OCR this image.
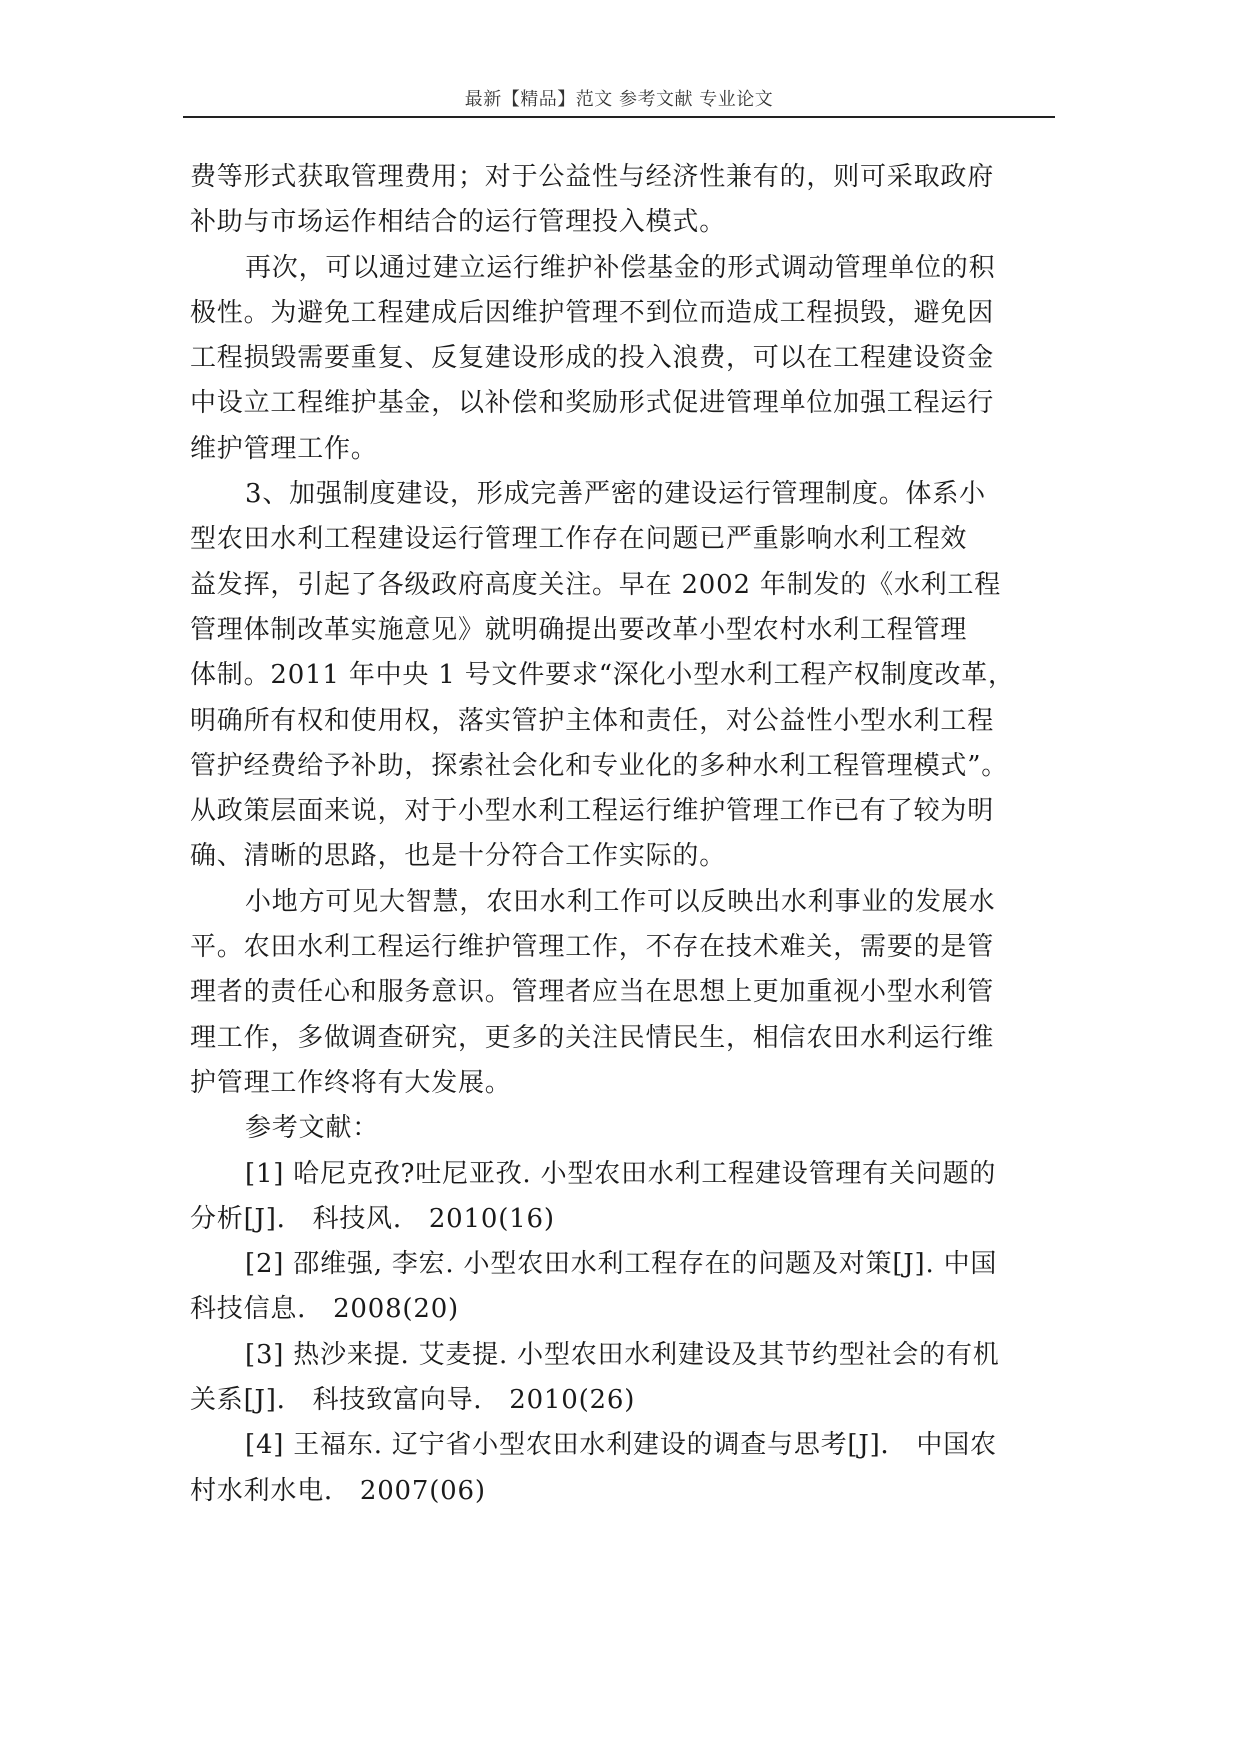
最新【精品】范文 参考文献 专业论文
费等形式获取管理费用；对于公益性与经济性兼有的，则可采取政府
补助与市场运作相结合的运行管理投入模式。
再次，可以通过建立运行维护补偿基金的形式调动管理单位的积
极性。为避免工程建成后因维护管理不到位而造成工程损毁，避免因
工程损毁需要重复、反复建设形成的投入浪费，可以在工程建设资金
中设立工程维护基金，以补偿和奖励形式促进管理单位加强工程运行
维护管理工作。
3、加强制度建设，形成完善严密的建设运行管理制度。体系小
型农田水利工程建设运行管理工作存在问题已严重影响水利工程效
益发挥，引起了各级政府高度关注。早在 2002 年制发的《水利工程
管理体制改革实施意见》就明确提出要改革小型农村水利工程管理
体制。2011 年中央 1 号文件要求“深化小型水利工程产权制度改革，
明确所有权和使用权，落实管护主体和责任，对公益性小型水利工程
管护经费给予补助，探索社会化和专业化的多种水利工程管理模式”。
从政策层面来说，对于小型水利工程运行维护管理工作已有了较为明
确、清晰的思路，也是十分符合工作实际的。
小地方可见大智慧，农田水利工作可以反映出水利事业的发展水
平。农田水利工程运行维护管理工作，不存在技术难关，需要的是管
理者的责任心和服务意识。管理者应当在思想上更加重视小型水利管
理工作，多做调查研究，更多的关注民情民生，相信农田水利运行维
护管理工作终将有大发展。
参考文献：
[1] 哈尼克孜?吐尼亚孜. 小型农田水利工程建设管理有关问题的
分析[J]． 科技风． 2010(16)
[2] 邵维强, 李宏. 小型农田水利工程存在的问题及对策[J]. 中国
科技信息． 2008(20)
[3] 热沙来提. 艾麦提. 小型农田水利建设及其节约型社会的有机
关系[J]． 科技致富向导． 2010(26)
[4] 王福东. 辽宁省小型农田水利建设的调查与思考[J]． 中国农
村水利水电． 2007(06)
